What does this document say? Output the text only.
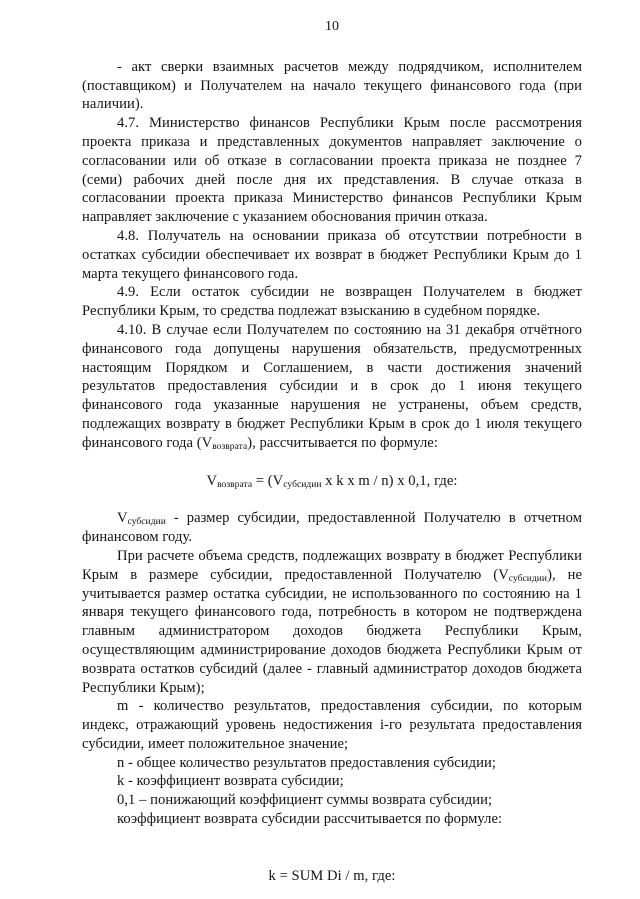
10

- акт сверки взаимных расчетов между подрядчиком, исполнителем (поставщиком) и Получателем на начало текущего финансового года (при наличии).

4.7. Министерство финансов Республики Крым после рассмотрения проекта приказа и представленных документов направляет заключение о согласовании или об отказе в согласовании проекта приказа не позднее 7 (семи) рабочих дней после дня их представления. В случае отказа в согласовании проекта приказа Министерство финансов Республики Крым направляет заключение с указанием обоснования причин отказа.

4.8. Получатель на основании приказа об отсутствии потребности в остатках субсидии обеспечивает их возврат в бюджет Республики Крым до 1 марта текущего финансового года.

4.9. Если остаток субсидии не возвращен Получателем в бюджет Республики Крым, то средства подлежат взысканию в судебном порядке.

4.10. В случае если Получателем по состоянию на 31 декабря отчётного финансового года допущены нарушения обязательств, предусмотренных настоящим Порядком и Соглашением, в части достижения значений результатов предоставления субсидии и в срок до 1 июня текущего финансового года указанные нарушения не устранены, объем средств, подлежащих возврату в бюджет Республики Крым в срок до 1 июля текущего финансового года $(V_{возврата})$, рассчитывается по формуле:

$V_{возврата} = (V_{субсидии}$ х k х m / n) х 0,1, где:

$V_{субсидии}$ - размер субсидии, предоставленной Получателю в отчетном финансовом году.

При расчете объема средств, подлежащих возврату в бюджет Республики Крым в размере субсидии, предоставленной Получателю $(V_{субсидии})$, не учитывается размер остатка субсидии, не использованного по состоянию на 1 января текущего финансового года, потребность в котором не подтверждена главным администратором доходов бюджета Республики Крым, осуществляющим администрирование доходов бюджета Республики Крым от возврата остатков субсидий (далее - главный администратор доходов бюджета Республики Крым);

m - количество результатов, предоставления субсидии, по которым индекс, отражающий уровень недостижения i-го результата предоставления субсидии, имеет положительное значение;

n - общее количество результатов предоставления субсидии;

k - коэффициент возврата субсидии;

0,1 – понижающий коэффициент суммы возврата субсидии;

коэффициент возврата субсидии рассчитывается по формуле:

k = SUM Di / m, где:
